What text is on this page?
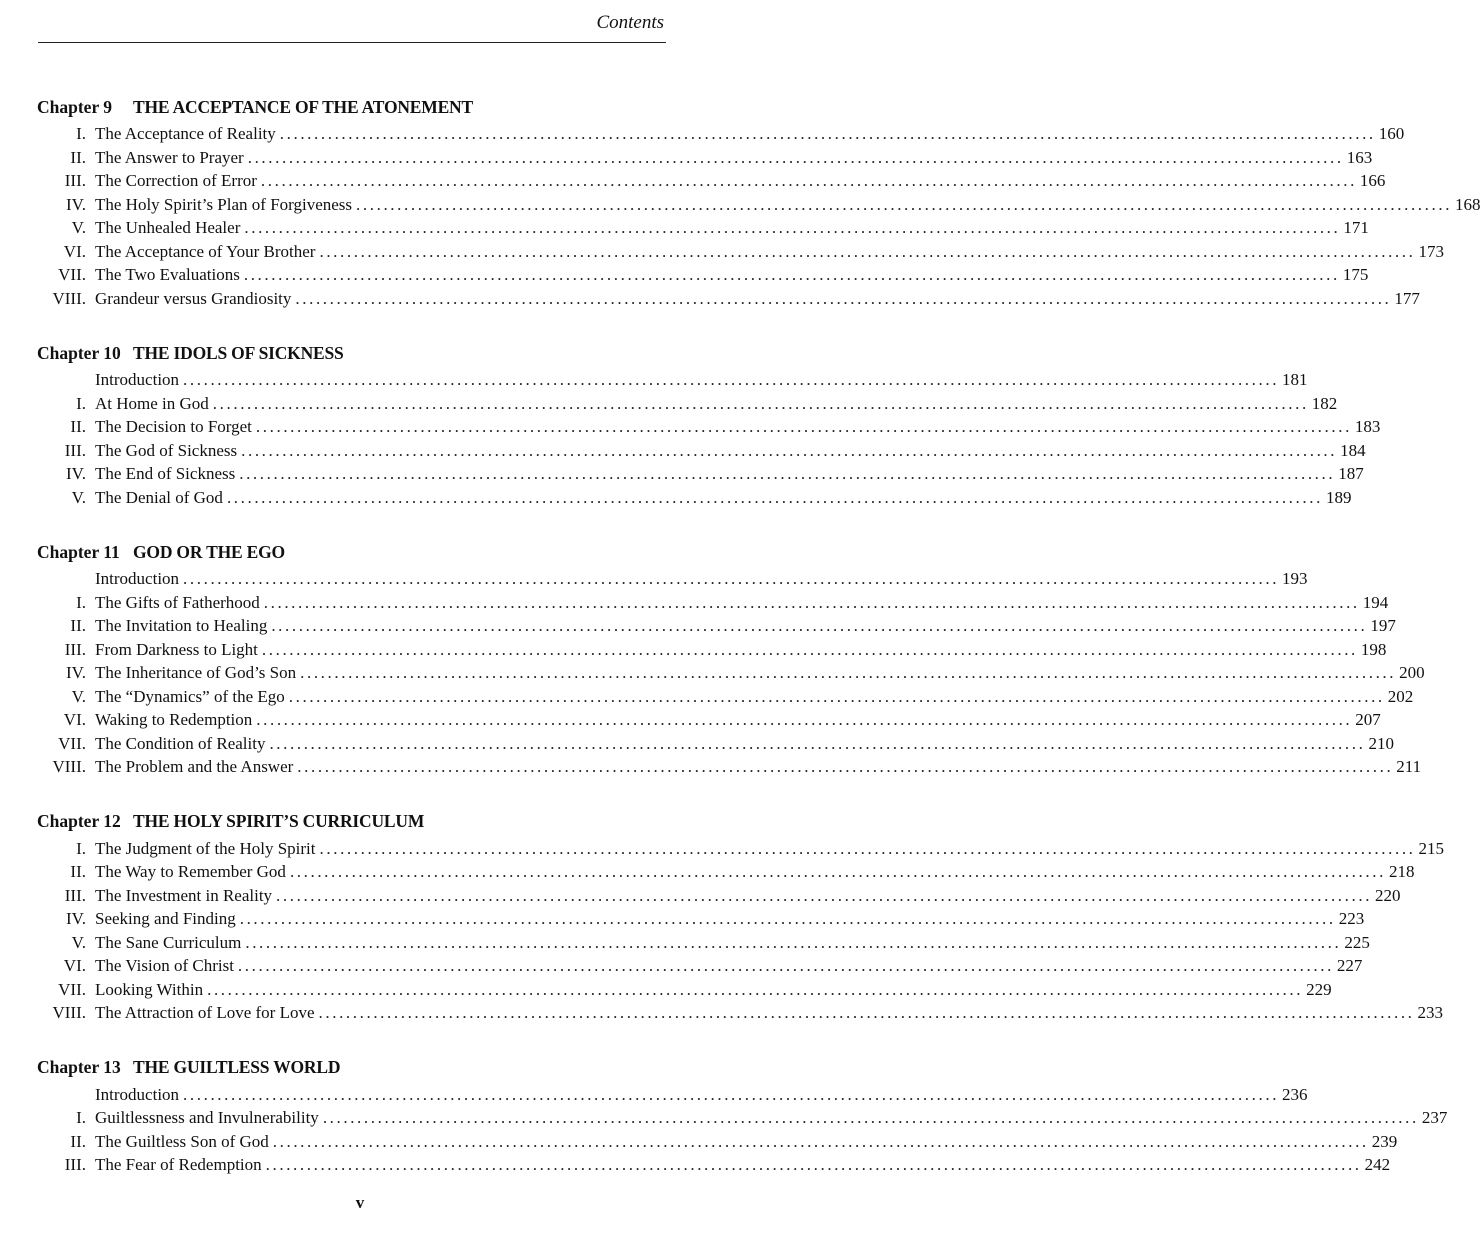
Contents
Chapter 9	THE ACCEPTANCE OF THE ATONEMENT
I. The Acceptance of Reality ................................................................................................................................................................ 160
II. The Answer to Prayer ................................................................................................................................................................ 163
III. The Correction of Error ................................................................................................................................................................ 166
IV. The Holy Spirit’s Plan of Forgiveness ................................................................................................................................................................ 168
V. The Unhealed Healer ................................................................................................................................................................ 171
VI. The Acceptance of Your Brother ................................................................................................................................................................ 173
VII. The Two Evaluations ................................................................................................................................................................ 175
VIII. Grandeur versus Grandiosity ................................................................................................................................................................ 177
Chapter 10 THE IDOLS OF SICKNESS
Introduction ................................................................................................................................................................ 181
I. At Home in God ................................................................................................................................................................ 182
II. The Decision to Forget ................................................................................................................................................................ 183
III. The God of Sickness ................................................................................................................................................................ 184
IV. The End of Sickness ................................................................................................................................................................ 187
V. The Denial of God ................................................................................................................................................................ 189
Chapter 11 GOD OR THE EGO
Introduction ................................................................................................................................................................ 193
I. The Gifts of Fatherhood ................................................................................................................................................................ 194
II. The Invitation to Healing ................................................................................................................................................................ 197
III. From Darkness to Light ................................................................................................................................................................ 198
IV. The Inheritance of God’s Son ................................................................................................................................................................ 200
V. The “Dynamics” of the Ego ................................................................................................................................................................ 202
VI. Waking to Redemption ................................................................................................................................................................ 207
VII. The Condition of Reality ................................................................................................................................................................ 210
VIII. The Problem and the Answer ................................................................................................................................................................ 211
Chapter 12 THE HOLY SPIRIT’S CURRICULUM
I. The Judgment of the Holy Spirit ................................................................................................................................................................ 215
II. The Way to Remember God ................................................................................................................................................................ 218
III. The Investment in Reality ................................................................................................................................................................ 220
IV. Seeking and Finding ................................................................................................................................................................ 223
V. The Sane Curriculum ................................................................................................................................................................ 225
VI. The Vision of Christ ................................................................................................................................................................ 227
VII. Looking Within ................................................................................................................................................................ 229
VIII. The Attraction of Love for Love ................................................................................................................................................................ 233
Chapter 13 THE GUILTLESS WORLD
Introduction ................................................................................................................................................................ 236
I. Guiltlessness and Invulnerability ................................................................................................................................................................ 237
II. The Guiltless Son of God ................................................................................................................................................................ 239
III. The Fear of Redemption ................................................................................................................................................................ 242
v
